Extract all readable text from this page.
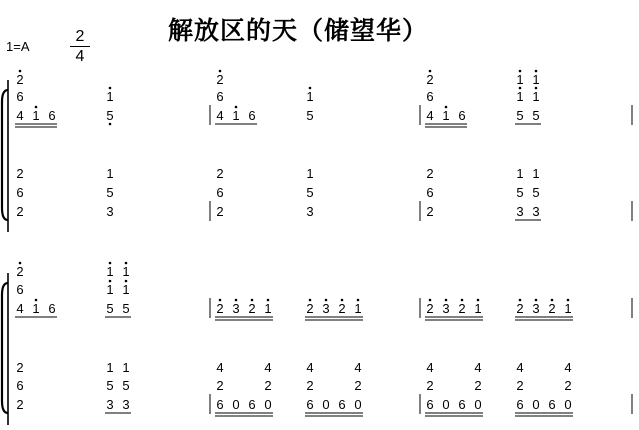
解放区的天（储望华）
1=A
2
4
4 1 6
6
2
5
1
4 1 6
6
2
5
1
4 1 6
6
2
5 5
1
1
1
1
2
6
2
3
5
1
2
6
2
3
5
1
2
6
2
3 3
5
1
5
1
4 1 6
6
2
5 5
1
1
1
1
2 3 2 1	2 3 2 1	2 3 2 1	2 3 2 1
2
6
2
3 3
5
1
5
1
6 0 6 0
2
4
2
4
6 0 6 0
2
4
2
4
6 0 6 0
2
4
2
4
6 0 6 0
2
4
2
4
